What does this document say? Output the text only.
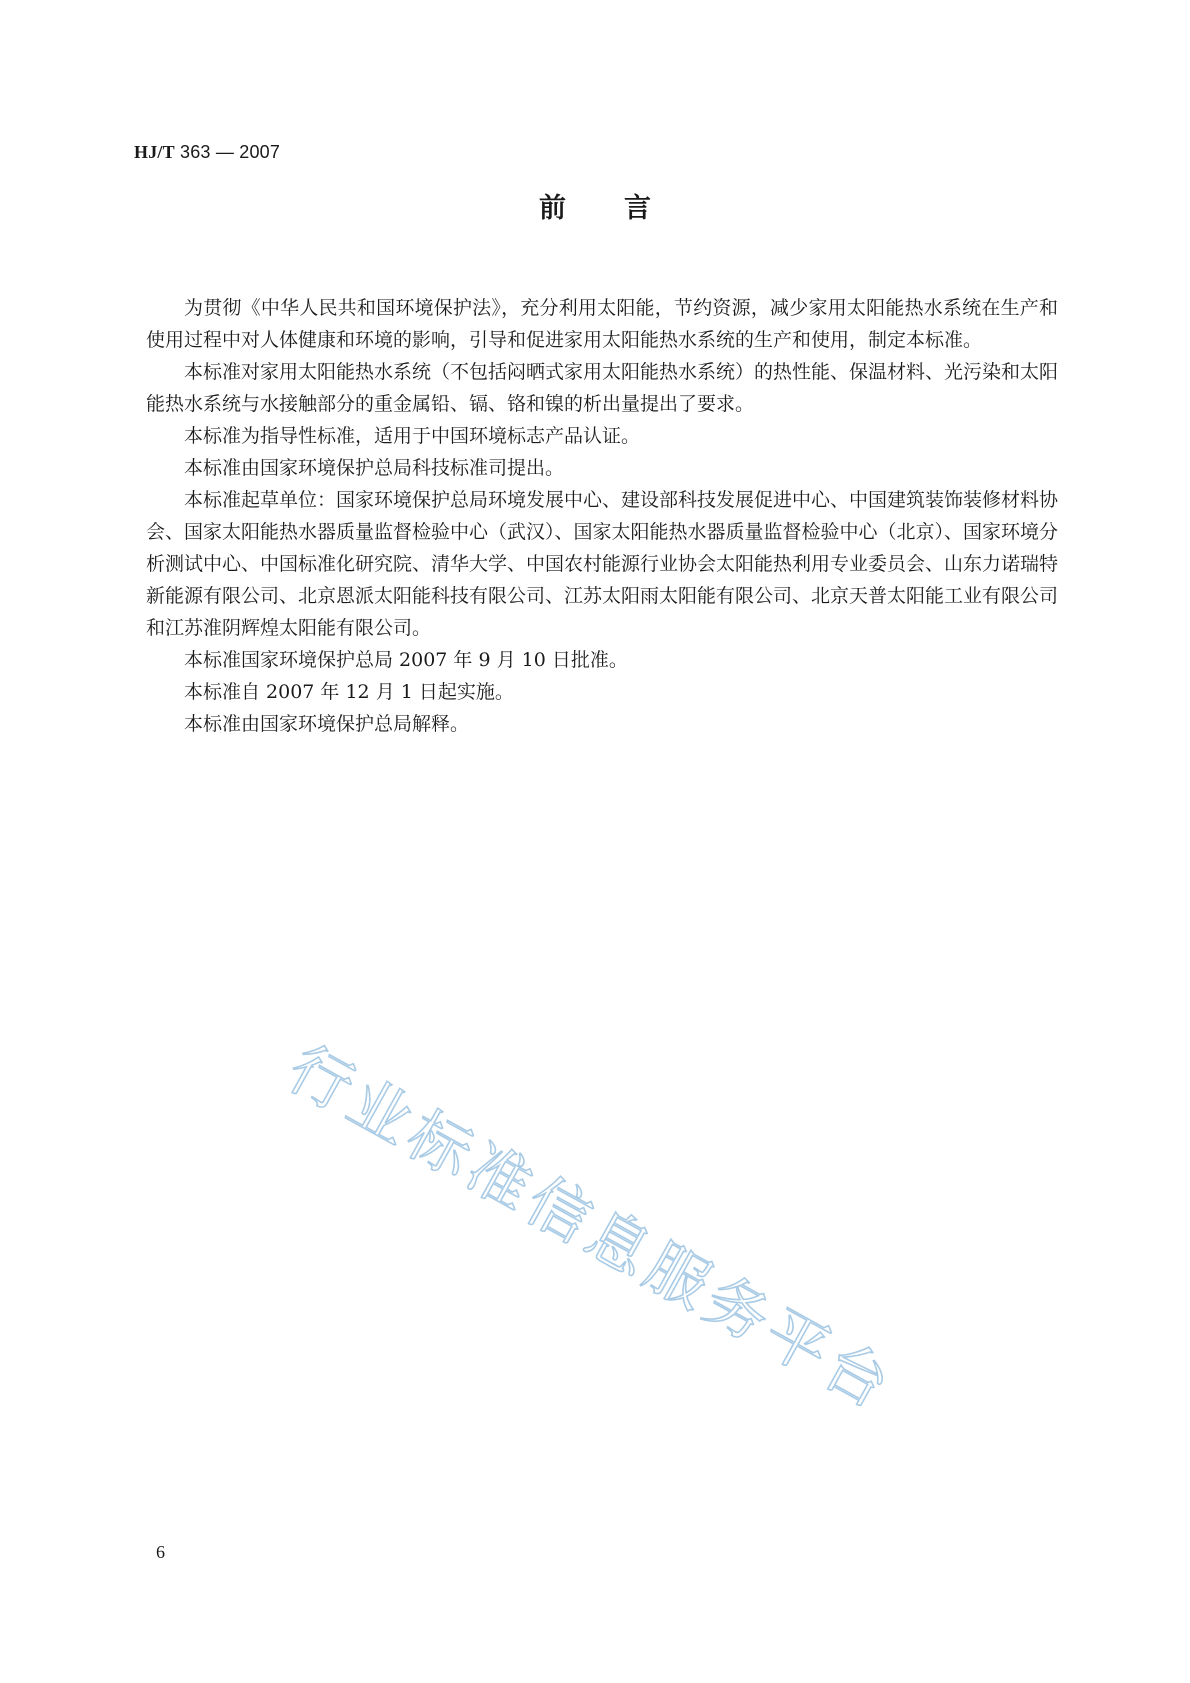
HJ/T 363 — 2007
前言

为贯彻《中华人民共和国环境保护法》，充分利用太阳能，节约资源，减少家用太阳能热水系统在生产和使用过程中对人体健康和环境的影响，引导和促进家用太阳能热水系统的生产和使用，制定本标准。

本标准对家用太阳能热水系统（不包括闷晒式家用太阳能热水系统）的热性能、保温材料、光污染和太阳能热水系统与水接触部分的重金属铅、镉、铬和镍的析出量提出了要求。

本标准为指导性标准，适用于中国环境标志产品认证。

本标准由国家环境保护总局科技标准司提出。

本标准起草单位：国家环境保护总局环境发展中心、建设部科技发展促进中心、中国建筑装饰装修材料协会、国家太阳能热水器质量监督检验中心（武汉）、国家太阳能热水器质量监督检验中心（北京）、国家环境分析测试中心、中国标准化研究院、清华大学、中国农村能源行业协会太阳能热利用专业委员会、山东力诺瑞特新能源有限公司、北京恩派太阳能科技有限公司、江苏太阳雨太阳能有限公司、北京天普太阳能工业有限公司和江苏淮阴辉煌太阳能有限公司。

本标准国家环境保护总局 2007 年 9 月 10 日批准。

本标准自 2007 年 12 月 1 日起实施。

本标准由国家环境保护总局解释。

行业标准信息服务平台
6
